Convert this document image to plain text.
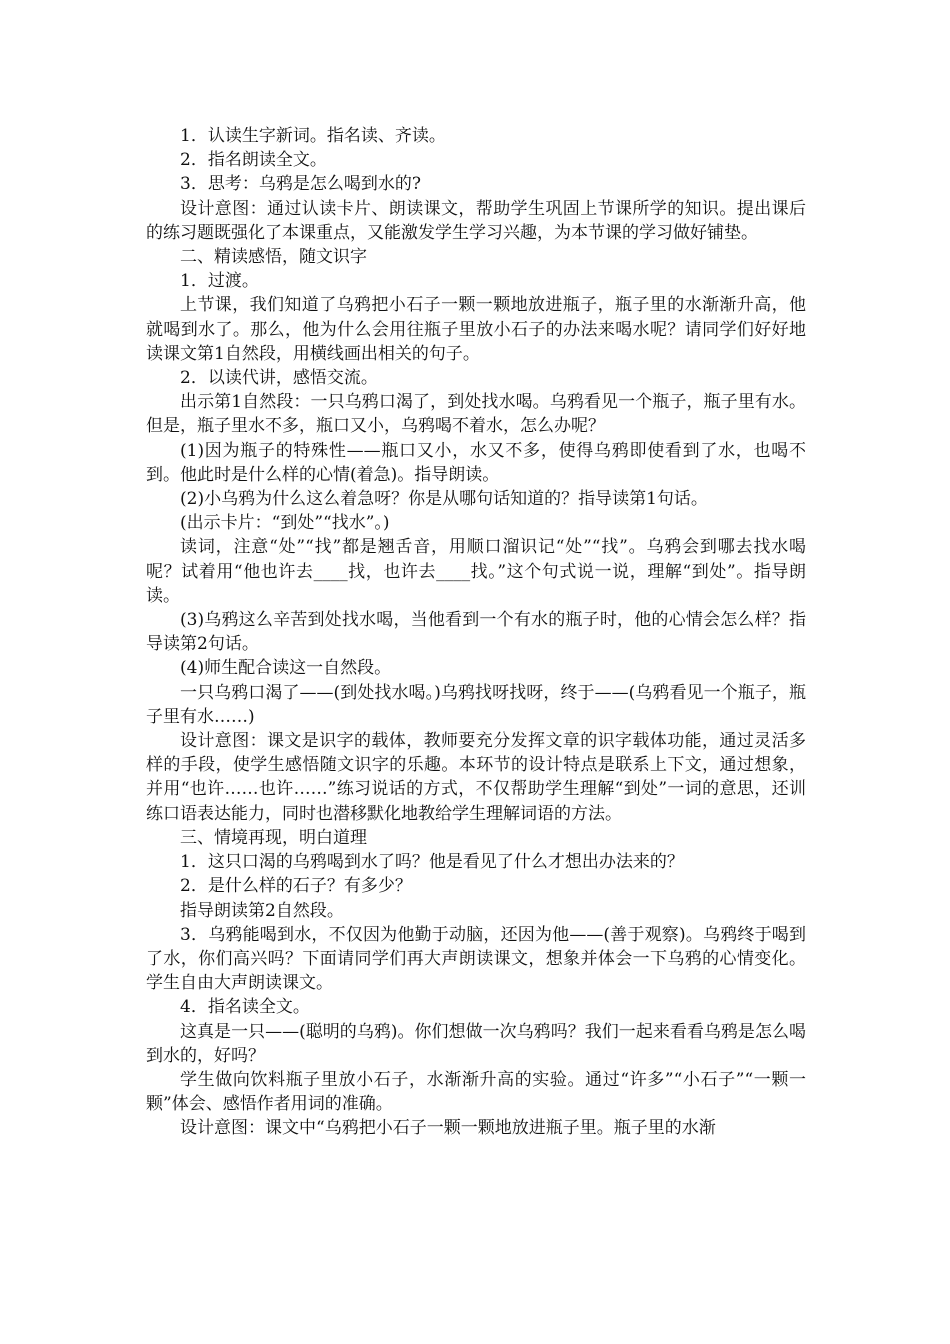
1．认读生字新词。指名读、齐读。

2．指名朗读全文。

3．思考：乌鸦是怎么喝到水的?

设计意图：通过认读卡片、朗读课文，帮助学生巩固上节课所学的知识。提出课后的练习题既强化了本课重点，又能激发学生学习兴趣，为本节课的学习做好铺垫。

二、精读感悟，随文识字

1．过渡。

上节课，我们知道了乌鸦把小石子一颗一颗地放进瓶子，瓶子里的水渐渐升高，他就喝到水了。那么，他为什么会用往瓶子里放小石子的办法来喝水呢？请同学们好好地读课文第1自然段，用横线画出相关的句子。

2．以读代讲，感悟交流。

出示第1自然段：一只乌鸦口渴了，到处找水喝。乌鸦看见一个瓶子，瓶子里有水。但是，瓶子里水不多，瓶口又小，乌鸦喝不着水，怎么办呢？

(1)因为瓶子的特殊性——瓶口又小，水又不多，使得乌鸦即使看到了水，也喝不到。他此时是什么样的心情(着急)。指导朗读。

(2)小乌鸦为什么这么着急呀？你是从哪句话知道的？指导读第1句话。

(出示卡片：“到处”“找水”。)

读词，注意“处”“找”都是翘舌音，用顺口溜识记“处”“找”。乌鸦会到哪去找水喝呢？试着用“他也许去____找，也许去____找。”这个句式说一说，理解“到处”。指导朗读。

(3)乌鸦这么辛苦到处找水喝，当他看到一个有水的瓶子时，他的心情会怎么样？指导读第2句话。

(4)师生配合读这一自然段。

一只乌鸦口渴了——(到处找水喝。)乌鸦找呀找呀，终于——(乌鸦看见一个瓶子，瓶子里有水……)

设计意图：课文是识字的载体，教师要充分发挥文章的识字载体功能，通过灵活多样的手段，使学生感悟随文识字的乐趣。本环节的设计特点是联系上下文，通过想象，并用“也许……也许……”练习说话的方式，不仅帮助学生理解“到处”一词的意思，还训练口语表达能力，同时也潜移默化地教给学生理解词语的方法。

三、情境再现，明白道理

1．这只口渴的乌鸦喝到水了吗？他是看见了什么才想出办法来的？

2．是什么样的石子？有多少？

指导朗读第2自然段。

3．乌鸦能喝到水，不仅因为他勤于动脑，还因为他——(善于观察)。乌鸦终于喝到了水，你们高兴吗？下面请同学们再大声朗读课文，想象并体会一下乌鸦的心情变化。学生自由大声朗读课文。

4．指名读全文。

这真是一只——(聪明的乌鸦)。你们想做一次乌鸦吗？我们一起来看看乌鸦是怎么喝到水的，好吗？

学生做向饮料瓶子里放小石子，水渐渐升高的实验。通过“许多”“小石子”“一颗一颗”体会、感悟作者用词的准确。

设计意图：课文中“乌鸦把小石子一颗一颗地放进瓶子里。瓶子里的水渐
